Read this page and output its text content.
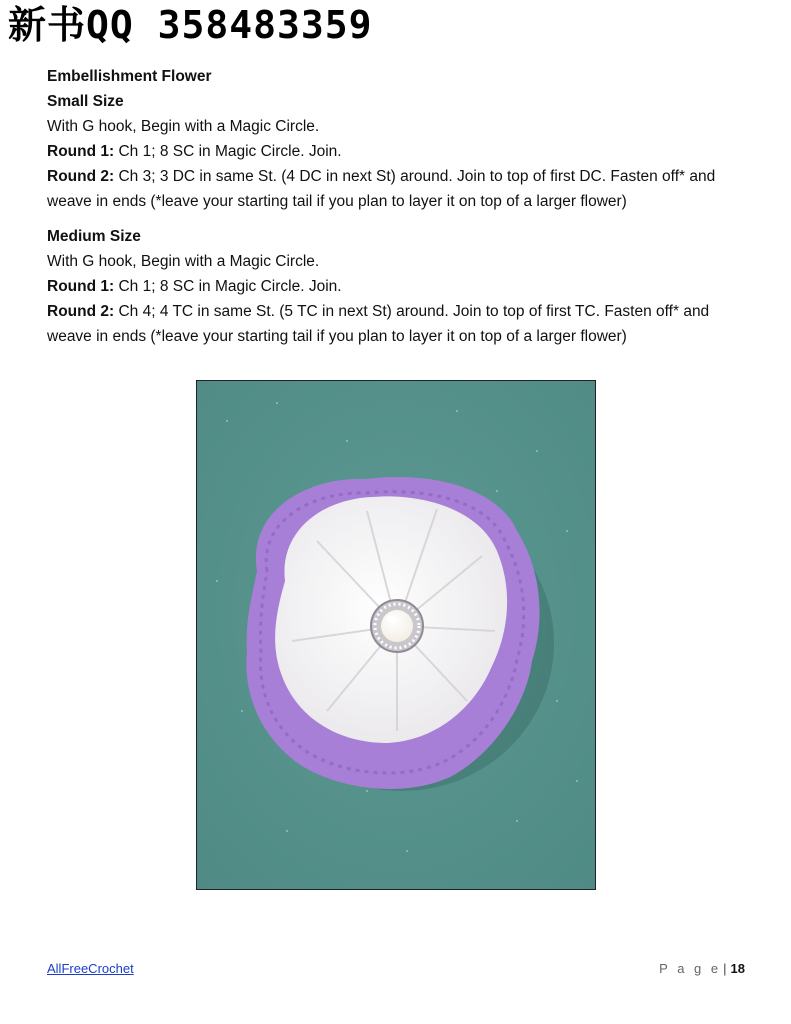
新书QQ 358483359
Embellishment Flower
Small Size
With G hook, Begin with a Magic Circle.
Round 1: Ch 1; 8 SC in Magic Circle. Join.
Round 2: Ch 3; 3 DC in same St. (4 DC in next St) around. Join to top of first DC. Fasten off* and weave in ends (*leave your starting tail if you plan to layer it on top of a larger flower)
Medium Size
With G hook, Begin with a Magic Circle.
Round 1: Ch 1; 8 SC in Magic Circle. Join.
Round 2: Ch 4; 4 TC in same St. (5 TC in next St) around. Join to top of first TC. Fasten off* and weave in ends (*leave your starting tail if you plan to layer it on top of a larger flower)
AllFreeCrochet	P a g e | 18
